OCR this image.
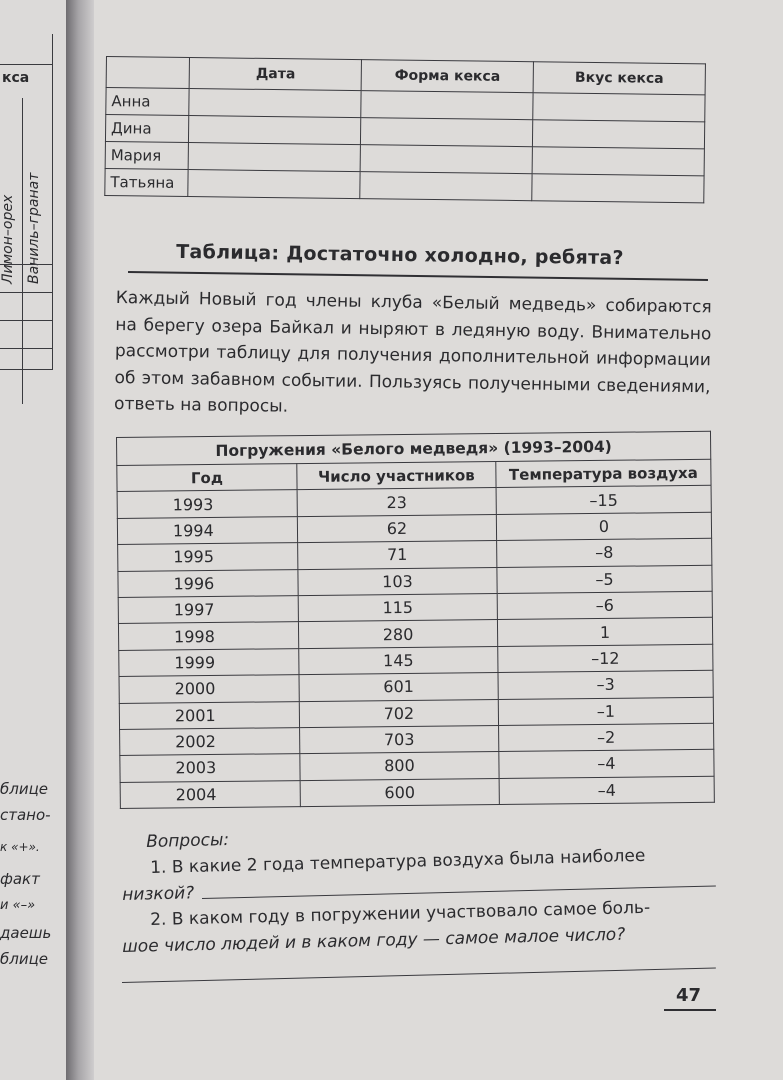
кса
Лимон–орех Ваниль–гранат
блице
стано-
к «+».
факт
и «–»
даешь
блице
	Дата	Форма кекса	Вкус кекса
Анна			
Дина			
Мария			
Татьяна			
Таблица: Достаточно холодно, ребята?
Каждый Новый год члены клуба «Белый медведь» собираются на берегу озера Байкал и ныряют в ледяную воду. Внимательно рассмотри таблицу для получения дополнительной информации об этом забавном событии. Пользуясь полученными сведениями, ответь на вопросы.
Погружения «Белого медведя» (1993–2004)		
Год	Число участников	Температура воздуха
1993	23	–15
1994	62	0
1995	71	–8
1996	103	–5
1997	115	–6
1998	280	1
1999	145	–12
2000	601	–3
2001	702	–1
2002	703	–2
2003	800	–4
2004	600	–4
Вопросы:
1. В какие 2 года температура воздуха была наиболее
низкой?
2. В каком году в погружении участвовало самое боль-
шое число людей и в каком году — самое малое число?
47
